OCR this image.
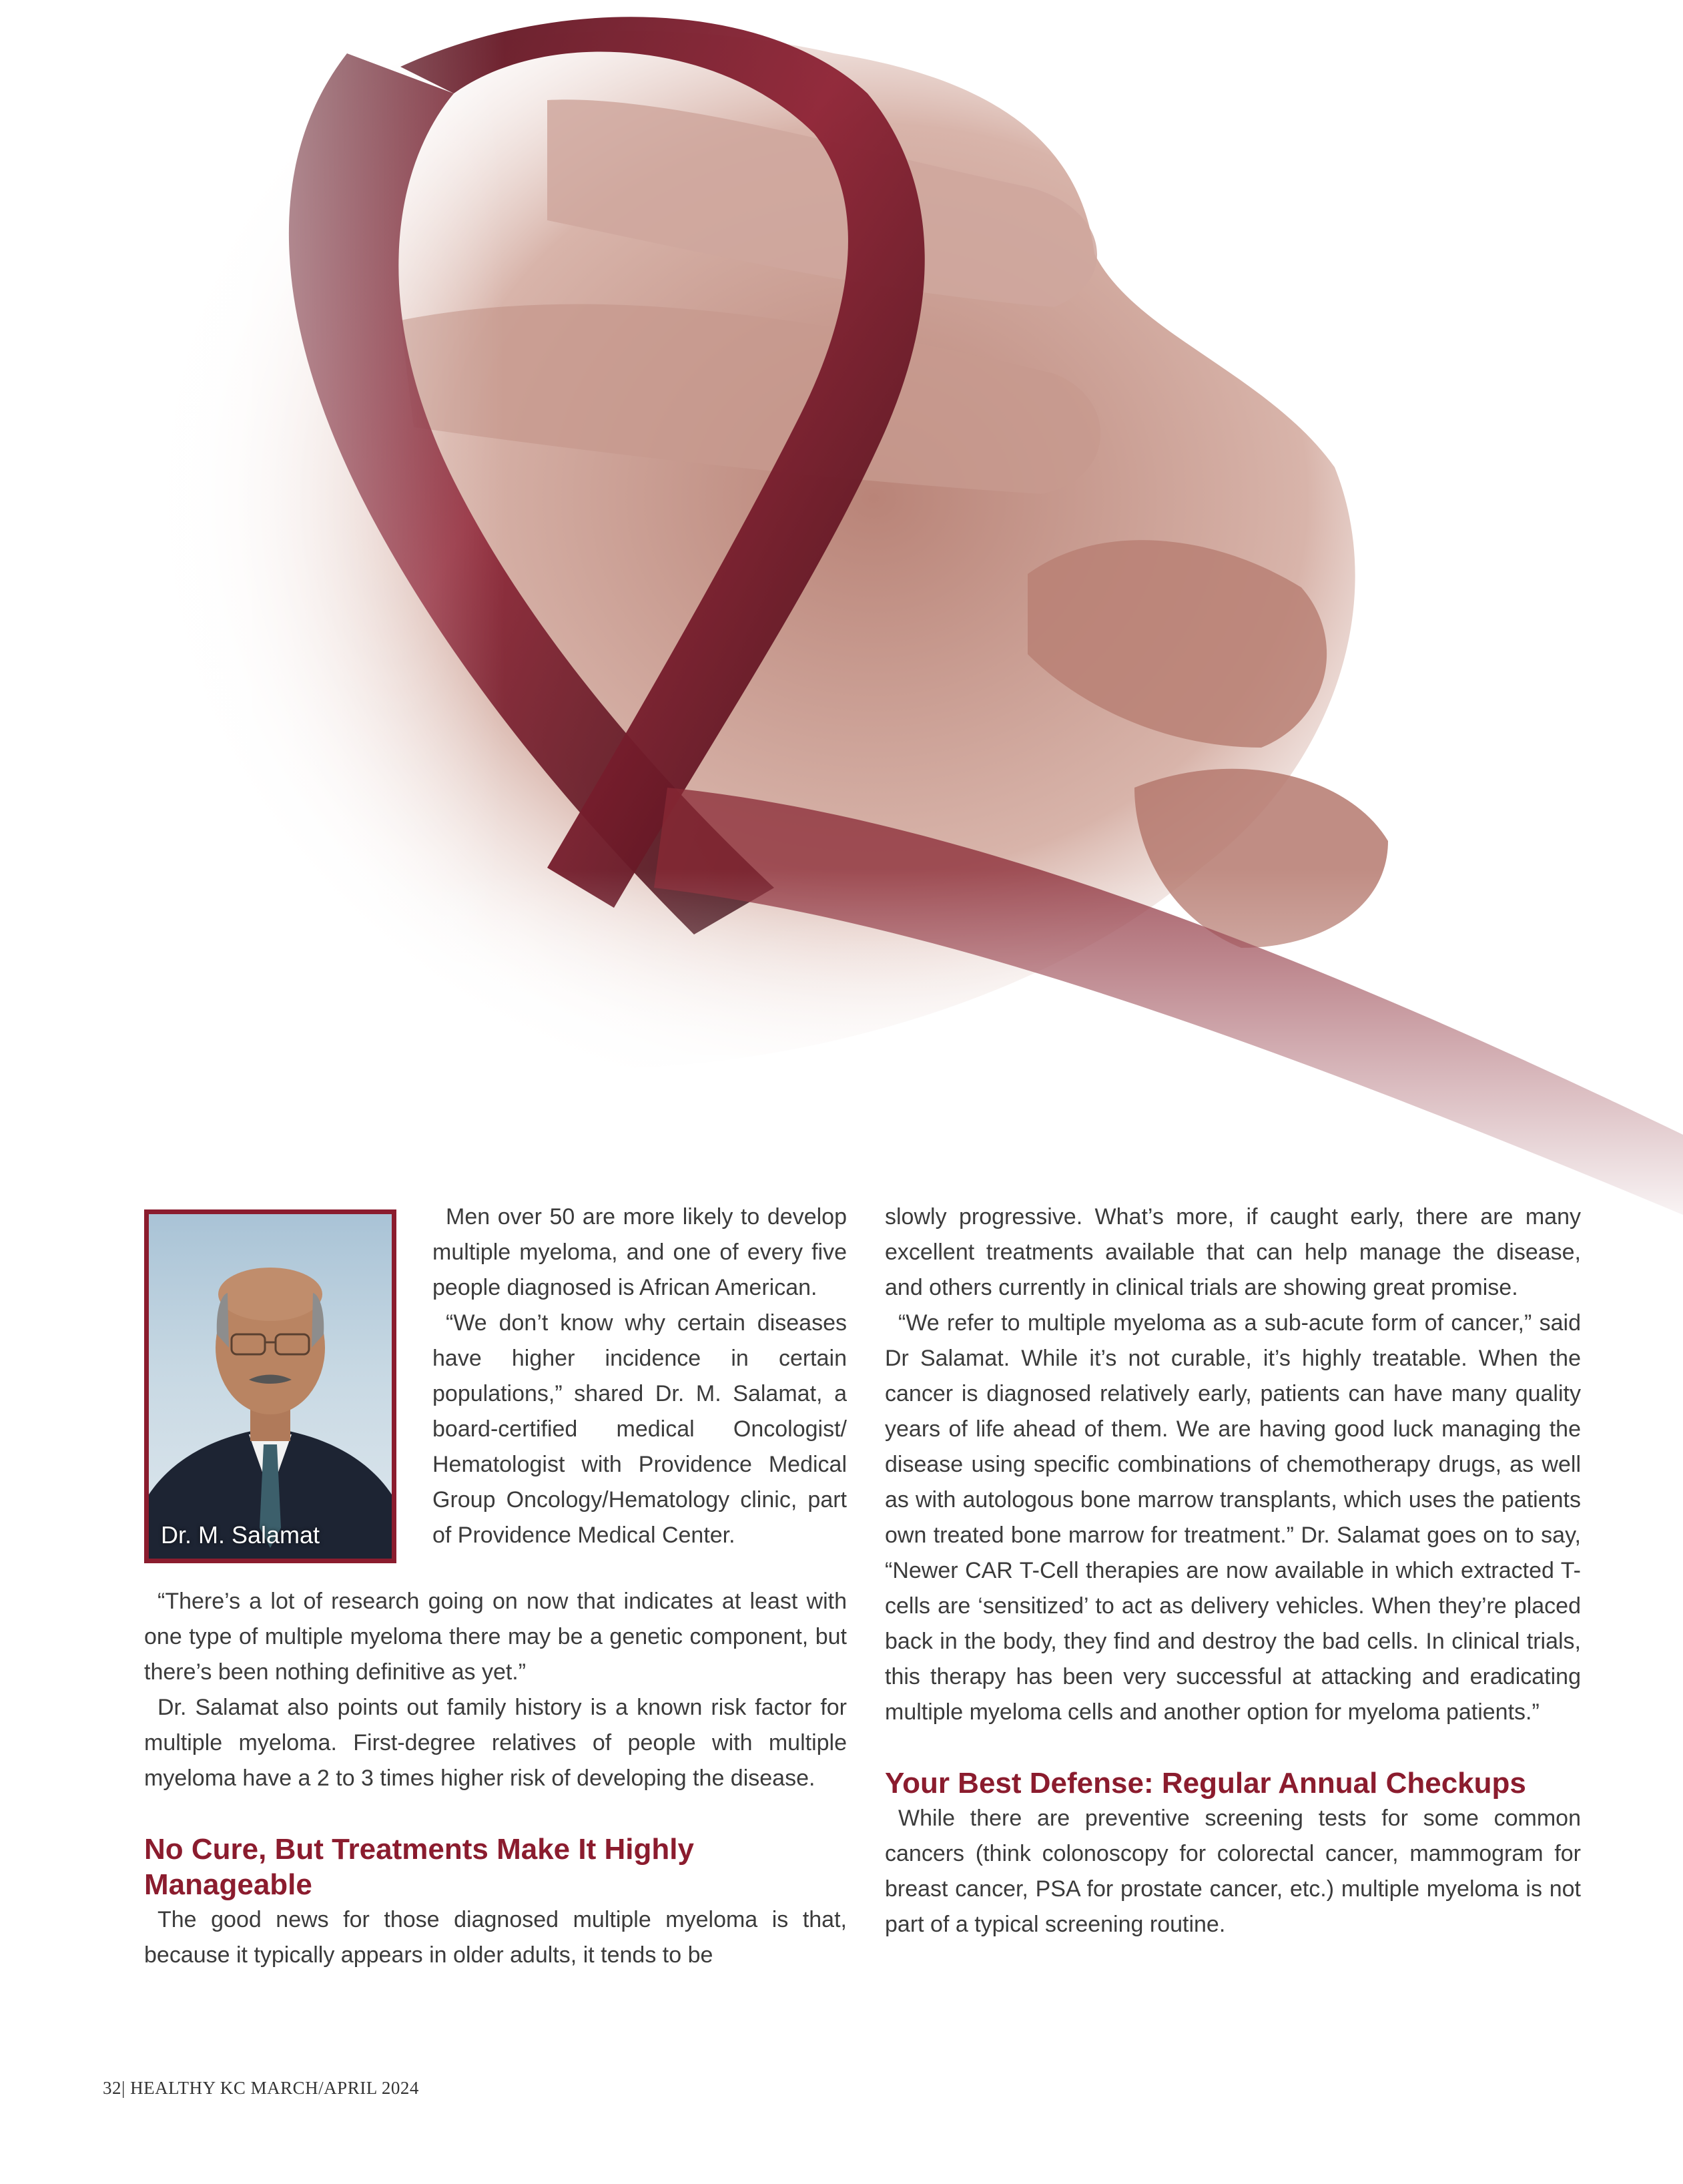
Dr. M. Salamat

Men over 50 are more likely to develop multiple myeloma, and one of every five people diagnosed is African American.

“We don’t know why certain diseases have higher incidence in certain populations,” shared Dr. M. Salamat, a board-certified medical Oncologist/ Hematologist with Providence Medical Group Oncology/Hematology clinic, part of Providence Medical Center.

“There’s a lot of research going on now that indicates at least with one type of multiple myeloma there may be a genetic component, but there’s been nothing definitive as yet.”

Dr. Salamat also points out family history is a known risk factor for multiple myeloma. First-degree relatives of people with multiple myeloma have a 2 to 3 times higher risk of developing the disease.

No Cure, But Treatments Make It Highly Manageable

The good news for those diagnosed multiple myeloma is that, because it typically appears in older adults, it tends to be

slowly progressive. What’s more, if caught early, there are many excellent treatments available that can help manage the disease, and others currently in clinical trials are showing great promise.

“We refer to multiple myeloma as a sub-acute form of cancer,” said Dr Salamat. While it’s not curable, it’s highly treatable. When the cancer is diagnosed relatively early, patients can have many quality years of life ahead of them. We are having good luck managing the disease using specific combinations of chemotherapy drugs, as well as with autologous bone marrow transplants, which uses the patients own treated bone marrow for treatment.” Dr. Salamat goes on to say, “Newer CAR T-Cell therapies are now available in which extracted T-cells are ‘sensitized’ to act as delivery vehicles. When they’re placed back in the body, they find and destroy the bad cells. In clinical trials, this therapy has been very successful at attacking and eradicating multiple myeloma cells and another option for myeloma patients.”

Your Best Defense: Regular Annual Checkups

While there are preventive screening tests for some common cancers (think colonoscopy for colorectal cancer, mammogram for breast cancer, PSA for prostate cancer, etc.) multiple myeloma is not part of a typical screening routine.

32| HEALTHY KC MARCH/APRIL 2024
